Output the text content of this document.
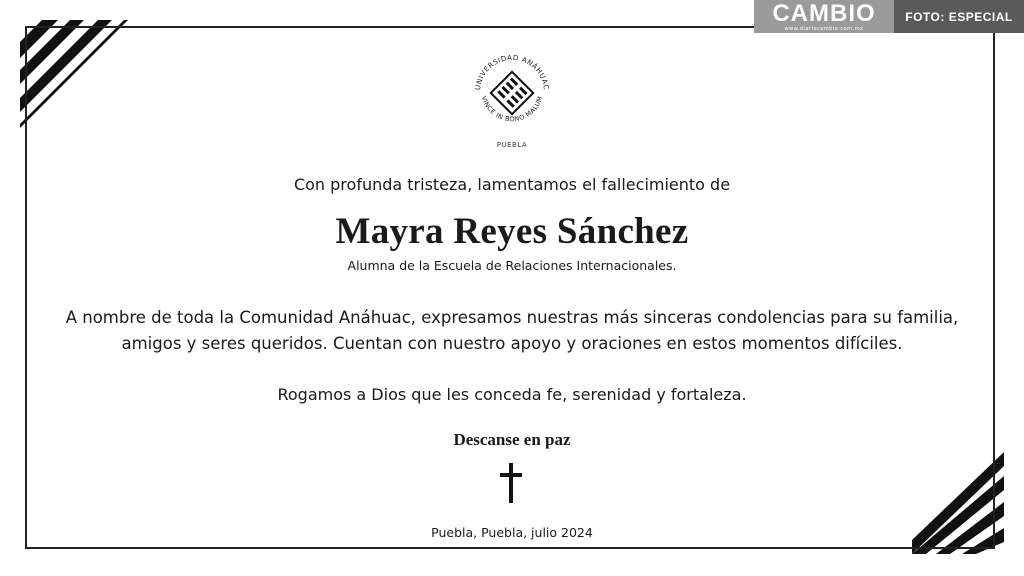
CAMBIO
www.diariocambio.com.mx
FOTO: ESPECIAL
UNIVERSIDAD ANÁHUAC
VINCE IN BONO MALUM
PUEBLA
Con profunda tristeza, lamentamos el fallecimiento de
Mayra Reyes Sánchez
Alumna de la Escuela de Relaciones Internacionales.
A nombre de toda la Comunidad Anáhuac, expresamos nuestras más sinceras condolencias para su familia,
amigos y seres queridos. Cuentan con nuestro apoyo y oraciones en estos momentos difíciles.
Rogamos a Dios que les conceda fe, serenidad y fortaleza.
Descanse en paz
Puebla, Puebla, julio 2024
